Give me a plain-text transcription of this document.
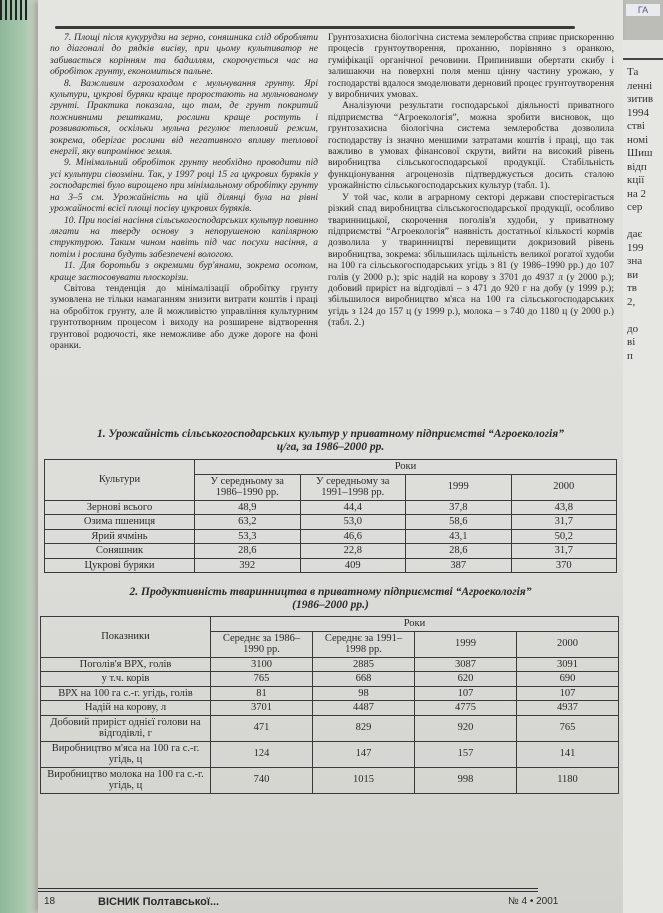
Та
ленні
зитив
1994
стві
номі
Шиш
відп
кції
на 2
сер
дає
199
зна
ви
тв
2,
до
ві
п
ГА

7. Площі після кукурудзи на зерно, соняшника слід обробляти по діагоналі до рядків висіву, при цьому культиватор не забивається корінням та бадиллям, скорочується час на обробіток грунту, економиться пальне.

8. Важливим агрозаходом є мульчування грунту. Ярі культури, цукрові буряки краще проростають на мульчованому грунті. Практика показала, що там, де грунт покритий пожнивними рештками, рослини краще ростуть і розвиваються, оскільки мульча регулює тепловий режим, зокрема, оберігає рослини від негативного впливу теплової енергії, яку випромінює земля.

9. Мінімальний обробіток грунту необхідно проводити під усі культури сівозміни. Так, у 1997 році 15 га цукрових буряків у господарстві було вирощено при мінімальному обробітку грунту на 3–5 см. Урожайність на цій ділянці була на рівні урожайності всієї площі посіву цукрових буряків.

10. При посіві насіння сільськогосподарських культур повинно лягати на тверду основу з непорушеною капілярною структурою. Таким чином навіть під час посухи насіння, а потім і рослина будуть забезпечені вологою.

11. Для боротьби з окремими бур'янами, зокрема осотом, краще застосовувати плоскорізи.

Світова тенденція до мінімалізації обробітку грунту зумовлена не тільки намаганням знизити витрати коштів і праці на обробіток грунту, але й можливістю управління культурним грунтотворним процесом і виходу на розширене відтворення грунтової родючості, яке неможливе або дуже дороге на фоні оранки.

Грунтозахисна біологічна система землеробства сприяє прискоренню процесів грунтоутворення, проханню, порівняно з оранкою, гуміфікації органічної речовини. Припинивши обертати скибу і залишаючи на поверхні поля менш цінну частину урожаю, у господарстві вдалося змоделювати дерновий процес грунтоутворення у виробничих умовах.

Аналізуючи результати господарської діяльності приватного підприємства “Агроекологія”, можна зробити висновок, що грунтозахисна біологічна система землеробства дозволила господарству із значно меншими затратами коштів і праці, що так важливо в умовах фінансової скрути, вийти на високий рівень виробництва сільськогосподарської продукції. Стабільність функціонування агроценозів підтверджується досить сталою урожайністю сільськогосподарських культур (табл. 1).

У той час, коли в аграрному секторі держави спостерігається різкий спад виробництва сільськогосподарської продукції, особливо тваринницької, скорочення поголів'я худоби, у приватному підприємстві “Агроекологія” наявність достатньої кількості кормів дозволила у тваринництві перевищити докризовий рівень виробництва, зокрема: збільшилась щільність великої рогатої худоби на 100 га сільськогосподарських угідь з 81 (у 1986–1990 рр.) до 107 голів (у 2000 р.); зріс надій на корову з 3701 до 4937 л (у 2000 р.); добовий приріст на відгодівлі – з 471 до 920 г на добу (у 1999 р.); збільшилося виробництво м'яса на 100 га сільськогосподарських угідь з 124 до 157 ц (у 1999 р.), молока – з 740 до 1180 ц (у 2000 р.) (табл. 2.)

1. Урожайність сільськогосподарських культур у приватному підприємстві “Агроекологія”
ц/га, за 1986–2000 рр.
Культури	Роки			
	У середньому за 1986–1990 рр.	У середньому за 1991–1998 рр.	1999	2000
Зернові всього	48,9	44,4	37,8	43,8
Озима пшениця	63,2	53,0	58,6	31,7
Ярий ячмінь	53,3	46,6	43,1	50,2
Соняшник	28,6	22,8	28,6	31,7
Цукрові буряки	392	409	387	370
2. Продуктивність тваринництва в приватному підприємстві “Агроекологія”
(1986–2000 рр.)
Показники	Роки			
	Середнє за 1986–1990 рр.	Середнє за 1991–1998 рр.	1999	2000
Поголів'я ВРХ, голів	3100	2885	3087	3091
у т.ч. корів	765	668	620	690
ВРХ на 100 га с.-г. угідь, голів	81	98	107	107
Надій на корову, л	3701	4487	4775	4937
Добовий приріст однієї голови на відгодівлі, г	471	829	920	765
Виробництво м'яса на 100 га с.-г. угідь, ц	124	147	157	141
Виробництво молока на 100 га с.-г. угідь, ц	740	1015	998	1180
18	ВІСНИК Полтавської...	№ 4 • 2001
